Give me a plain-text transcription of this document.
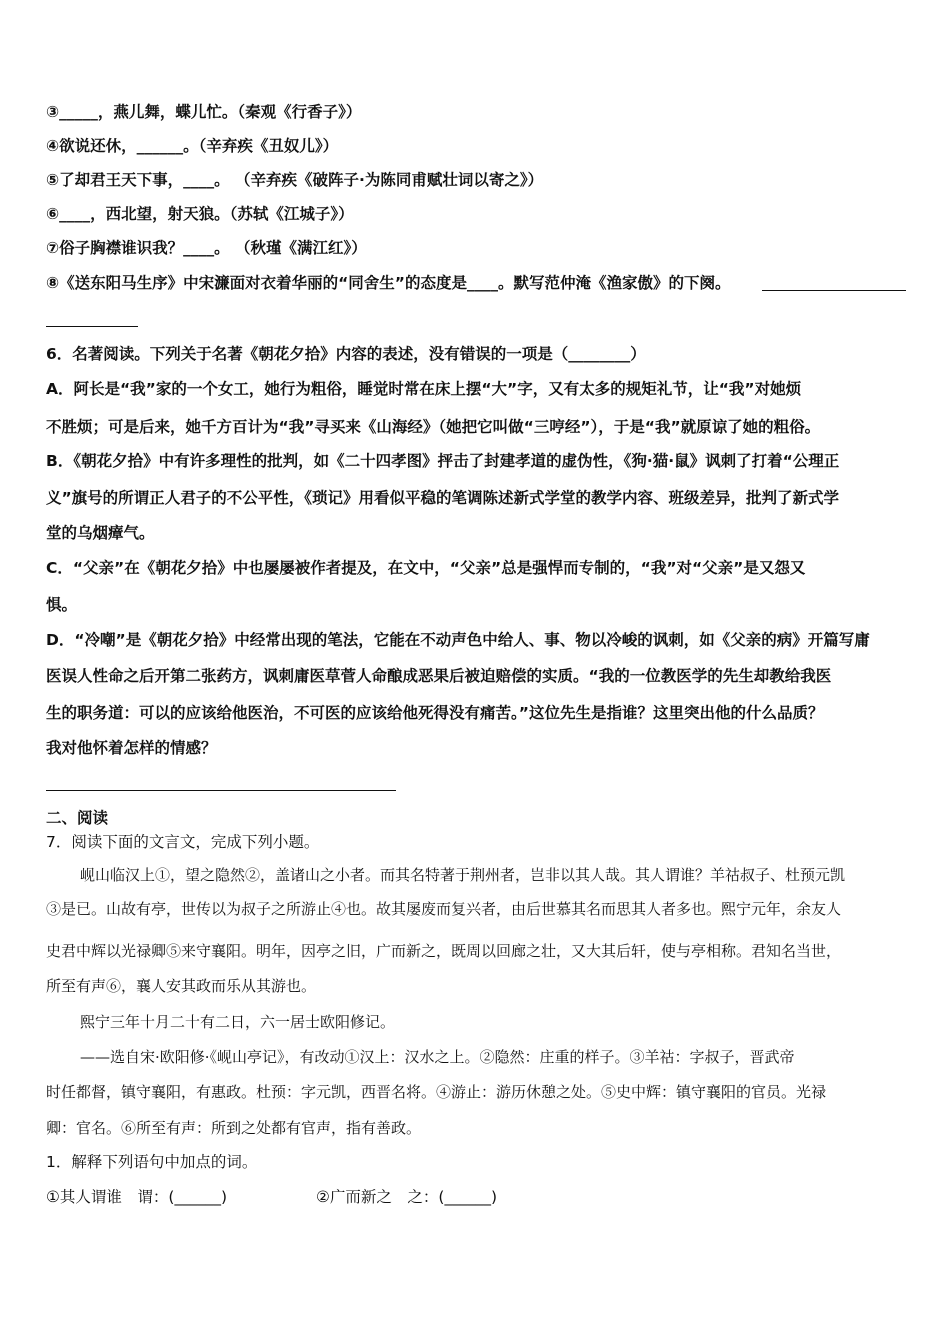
③_____，燕儿舞，蝶儿忙。（秦观《行香子》）
④欲说还休，______。（辛弃疾《丑奴儿》）
⑤了却君王天下事，____。 （辛弃疾《破阵子·为陈同甫赋壮词以寄之》）
⑥____，西北望，射天狼。（苏轼《江城子》）
⑦俗子胸襟谁识我？____。 （秋瑾《满江红》）
⑧《送东阳马生序》中宋濂面对衣着华丽的“同舍生”的态度是____。默写范仲淹《渔家傲》的下阕。
6．名著阅读。下列关于名著《朝花夕拾》内容的表述，没有错误的一项是（________）
A．阿长是“我”家的一个女工，她行为粗俗，睡觉时常在床上摆“大”字，又有太多的规矩礼节，让“我”对她烦
不胜烦；可是后来，她千方百计为“我”寻买来《山海经》（她把它叫做“三哼经”），于是“我”就原谅了她的粗俗。
B．《朝花夕拾》中有许多理性的批判，如《二十四孝图》抨击了封建孝道的虚伪性，《狗·猫·鼠》讽刺了打着“公理正
义”旗号的所谓正人君子的不公平性，《琐记》用看似平稳的笔调陈述新式学堂的教学内容、班级差异，批判了新式学
堂的乌烟瘴气。
C．“父亲”在《朝花夕拾》中也屡屡被作者提及，在文中，“父亲”总是强悍而专制的，“我”对“父亲”是又怨又
惧。
D．“冷嘲”是《朝花夕拾》中经常出现的笔法，它能在不动声色中给人、事、物以冷峻的讽刺，如《父亲的病》开篇写庸
医误人性命之后开第二张药方，讽刺庸医草菅人命酿成恶果后被迫赔偿的实质。“我的一位教医学的先生却教给我医
生的职务道：可以的应该给他医治，不可医的应该给他死得没有痛苦。”这位先生是指谁？这里突出他的什么品质？
我对他怀着怎样的情感？
二、阅读
7．阅读下面的文言文，完成下列小题。
岘山临汉上①，望之隐然②，盖诸山之小者。而其名特著于荆州者，岂非以其人哉。其人谓谁？羊祜叔子、杜预元凯
③是已。山故有亭，世传以为叔子之所游止④也。故其屡废而复兴者，由后世慕其名而思其人者多也。熙宁元年，余友人
史君中辉以光禄卿⑤来守襄阳。明年，因亭之旧，广而新之，既周以回廊之壮，又大其后轩，使与亭相称。君知名当世，
所至有声⑥，襄人安其政而乐从其游也。
熙宁三年十月二十有二日，六一居士欧阳修记。
——选自宋·欧阳修·《岘山亭记》，有改动①汉上：汉水之上。②隐然：庄重的样子。③羊祜：字叔子，晋武帝
时任都督，镇守襄阳，有惠政。杜预：字元凯，西晋名将。④游止：游历休憩之处。⑤史中辉：镇守襄阳的官员。光禄
卿：官名。⑥所至有声：所到之处都有官声，指有善政。
1．解释下列语句中加点的词。
①其人谓谁　谓：(______)	②广而新之　之：(______)
